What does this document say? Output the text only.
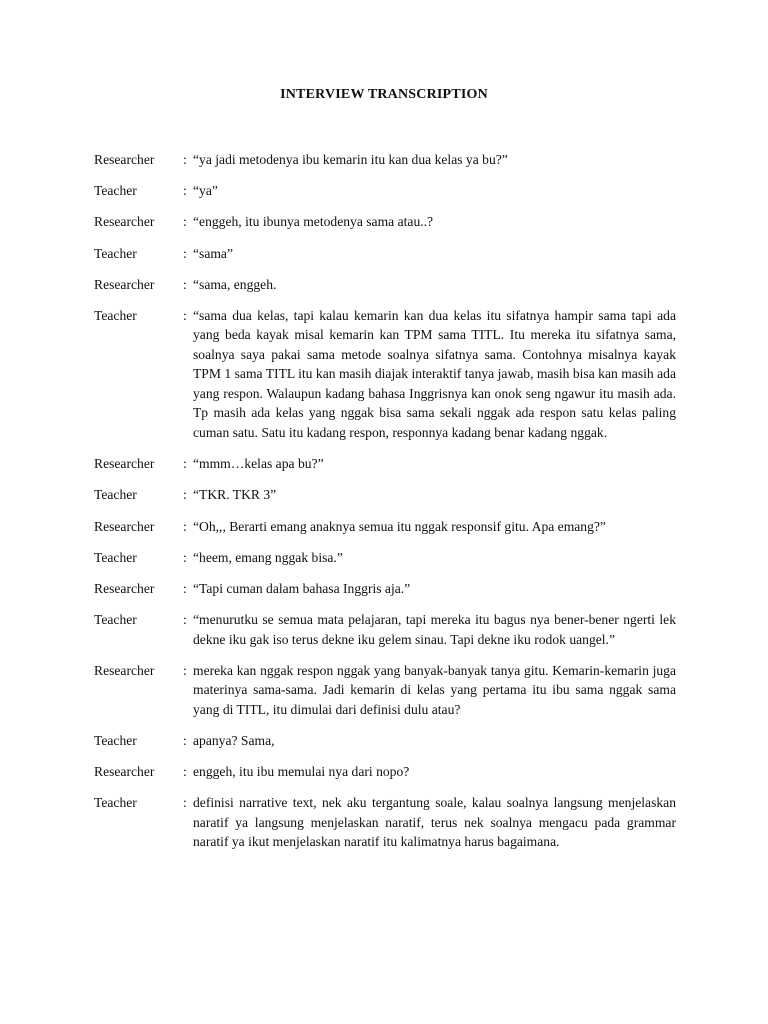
INTERVIEW TRANSCRIPTION
Researcher	: “ya jadi metodenya ibu kemarin itu kan dua kelas ya bu?”
Teacher	: “ya”
Researcher	: “enggeh, itu ibunya metodenya sama atau..?
Teacher	: “sama”
Researcher	: “sama, enggeh.
Teacher	: “sama dua kelas, tapi kalau kemarin kan dua kelas itu sifatnya hampir sama tapi ada yang beda kayak misal kemarin kan TPM sama TITL. Itu mereka itu sifatnya sama, soalnya saya pakai sama metode soalnya sifatnya sama. Contohnya misalnya kayak TPM 1 sama TITL itu kan masih diajak interaktif tanya jawab, masih bisa kan masih ada yang respon. Walaupun kadang bahasa Inggrisnya kan onok seng ngawur itu masih ada. Tp masih ada kelas yang nggak bisa sama sekali nggak ada respon satu kelas paling cuman satu. Satu itu kadang respon, responnya kadang benar kadang nggak.
Researcher	: “mmm…kelas apa bu?”
Teacher	: “TKR. TKR 3”
Researcher	: “Oh,,, Berarti emang anaknya semua itu nggak responsif gitu. Apa emang?”
Teacher	: “heem, emang nggak bisa.”
Researcher	: “Tapi cuman dalam bahasa Inggris aja.”
Teacher	: “menurutku se semua mata pelajaran, tapi mereka itu bagus nya bener-bener ngerti lek dekne iku gak iso terus dekne iku gelem sinau. Tapi dekne iku rodok uangel.”
Researcher	: mereka kan nggak respon nggak yang banyak-banyak tanya gitu. Kemarin-kemarin juga materinya sama-sama. Jadi kemarin di kelas yang pertama itu ibu sama nggak sama yang di TITL, itu dimulai dari definisi dulu atau?
Teacher	: apanya? Sama,
Researcher	: enggeh, itu ibu memulai nya dari nopo?
Teacher	: definisi narrative text, nek aku tergantung soale, kalau soalnya langsung menjelaskan naratif ya langsung menjelaskan naratif, terus nek soalnya mengacu pada grammar naratif ya ikut menjelaskan naratif itu kalimatnya harus bagaimana.
